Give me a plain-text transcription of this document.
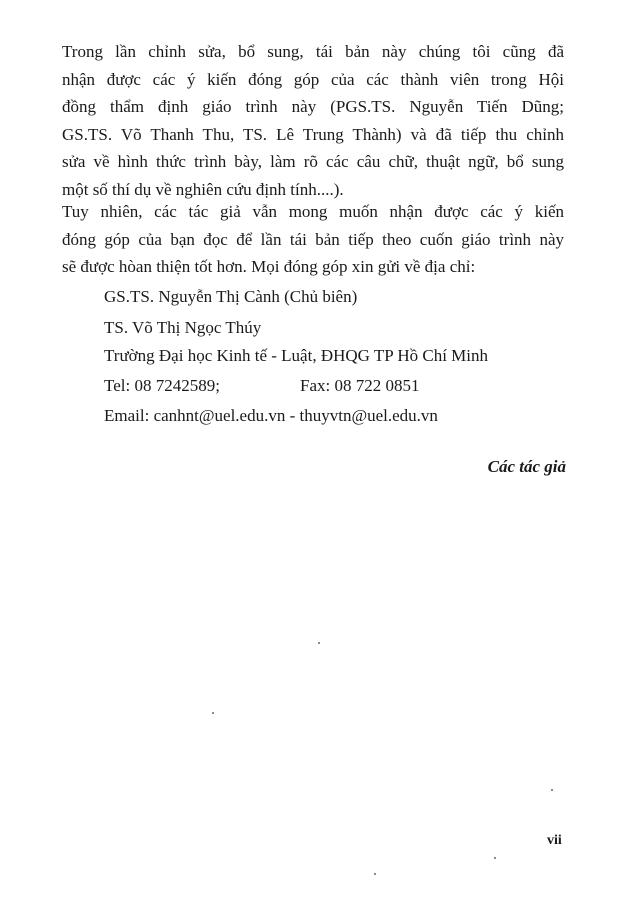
Trong lần chỉnh sửa, bổ sung, tái bản này chúng tôi cũng đã
nhận được các ý kiến đóng góp của các thành viên trong Hội
đồng thẩm định giáo trình này (PGS.TS. Nguyễn Tiến Dũng;
GS.TS. Võ Thanh Thu, TS. Lê Trung Thành) và đã tiếp thu chỉnh
sửa về hình thức trình bày, làm rõ các câu chữ, thuật ngữ, bổ sung
một số thí dụ về nghiên cứu định tính....).
Tuy nhiên, các tác giả vẫn mong muốn nhận được các ý kiến
đóng góp của bạn đọc để lần tái bản tiếp theo cuốn giáo trình này
sẽ được hòan thiện tốt hơn. Mọi đóng góp xin gửi về địa chỉ:

GS.TS. Nguyễn Thị Cành (Chủ biên)

TS. Võ Thị Ngọc Thúy

Trường Đại học Kinh tế - Luật, ĐHQG TP Hồ Chí Minh

Tel: 08 7242589;	Fax: 08 722 0851

Email: canhnt@uel.edu.vn - thuyvtn@uel.edu.vn

Các tác giả
vii
